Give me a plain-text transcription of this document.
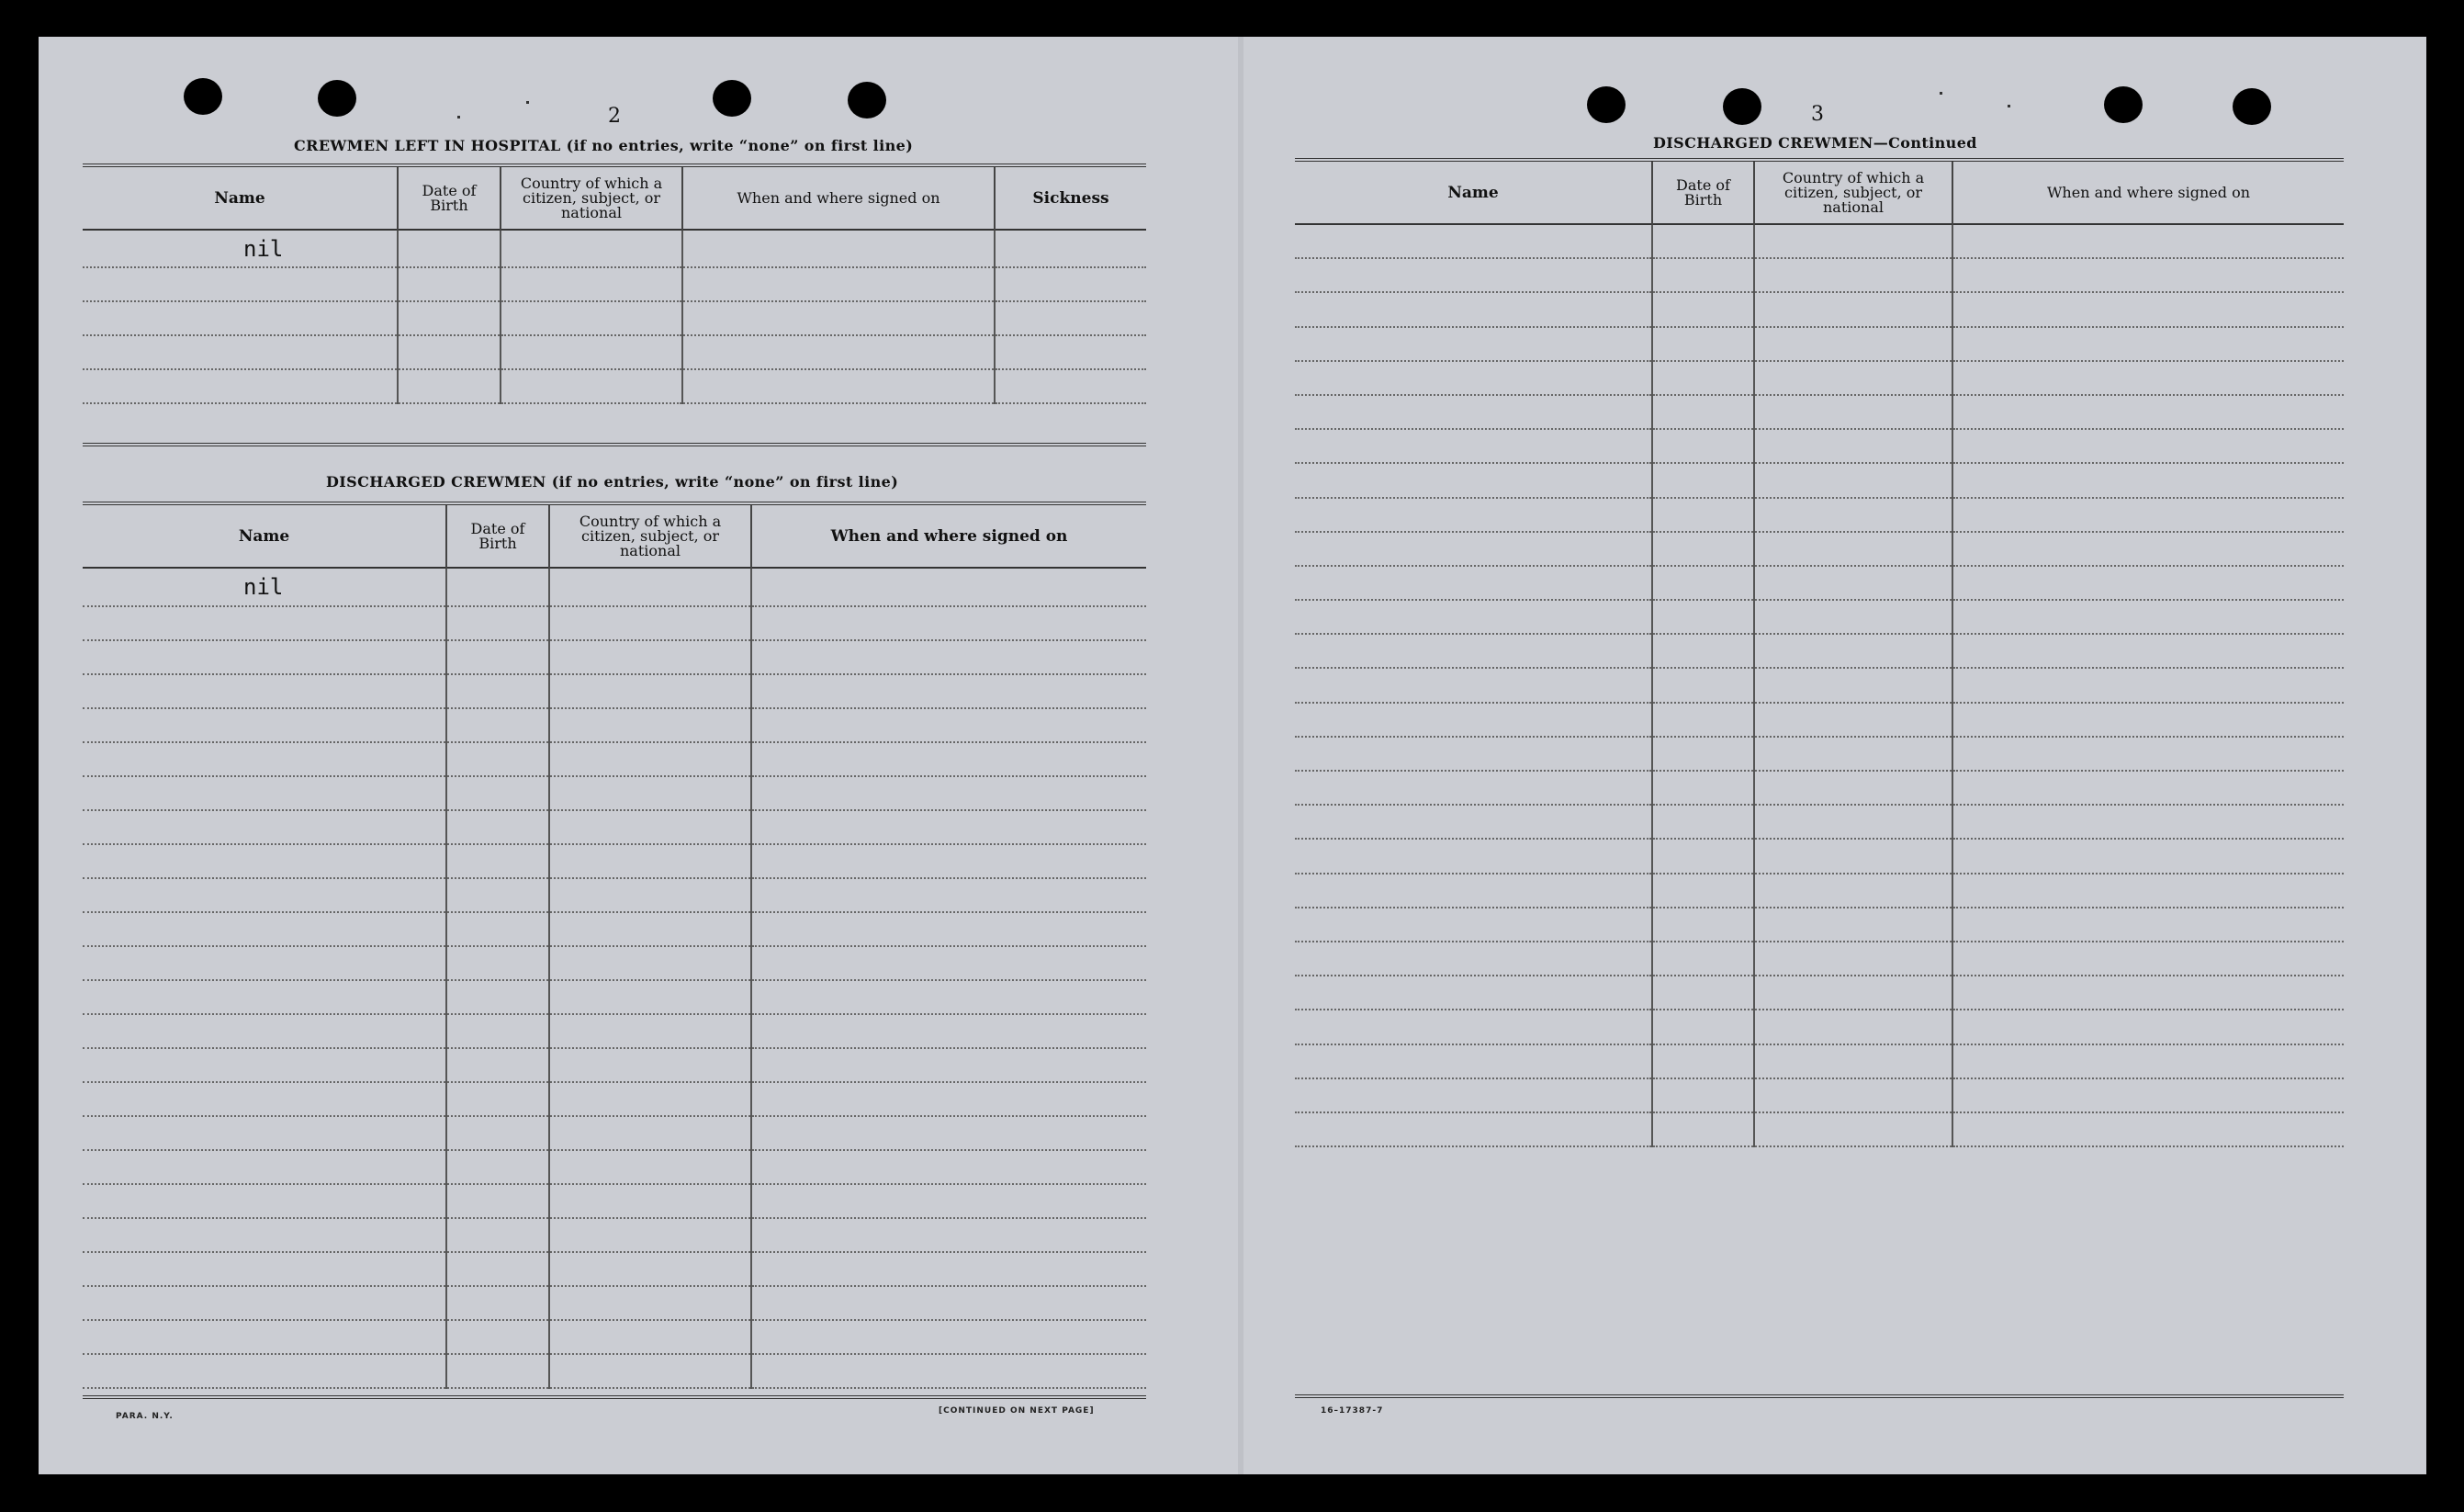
2
CREWMEN LEFT IN HOSPITAL (if no entries, write “none” on first line)
Name	Date of Birth	Country of which a citizen, subject, or national	When and where signed on	Sickness
nil				

DISCHARGED CREWMEN (if no entries, write “none” on first line)
Name	Date of Birth	Country of which a citizen, subject, or national	When and where signed on
nil			

PARA. N.Y.
[CONTINUED ON NEXT PAGE]
3
DISCHARGED CREWMEN—Continued
Name	Date of Birth	Country of which a citizen, subject, or national	When and where signed on

16–17387-7
